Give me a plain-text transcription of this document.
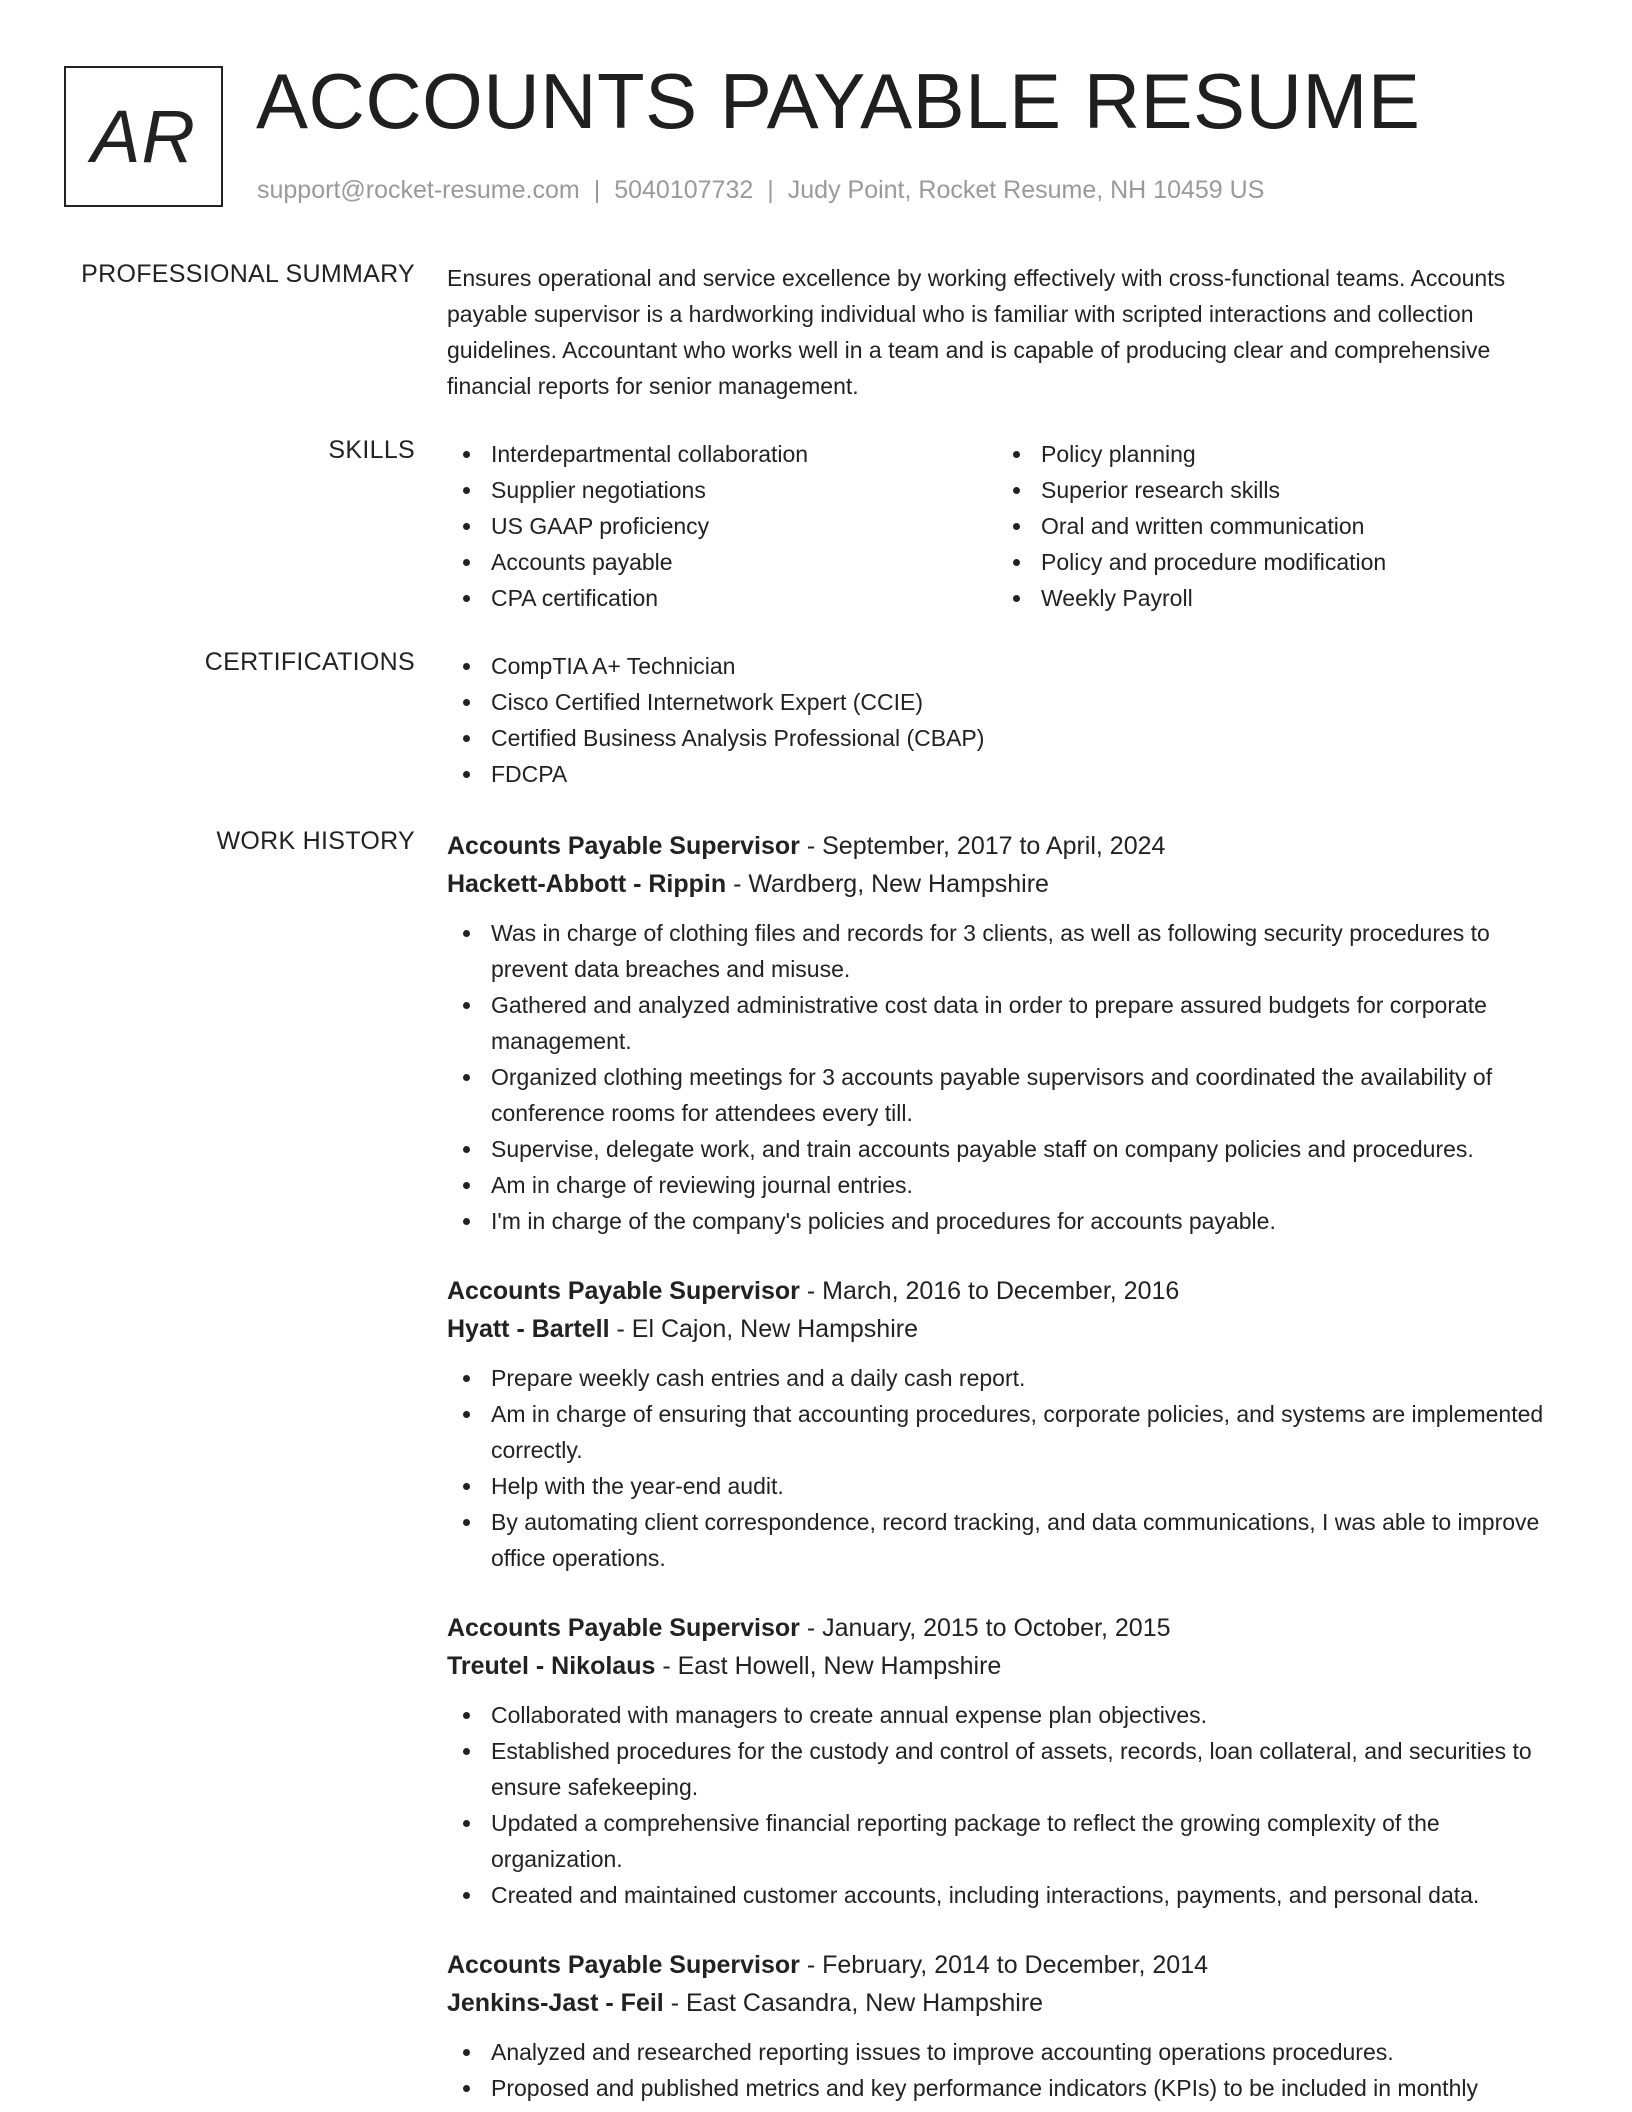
AR ACCOUNTS PAYABLE RESUME
support@rocket-resume.com | 5040107732 | Judy Point, Rocket Resume, NH 10459 US
PROFESSIONAL SUMMARY Ensures operational and service excellence by working effectively with cross-functional teams. Accounts payable supervisor is a hardworking individual who is familiar with scripted interactions and collection guidelines. Accountant who works well in a team and is capable of producing clear and comprehensive financial reports for senior management.

SKILLS	Interdepartmental collaboration
Supplier negotiations
US GAAP proficiency
Accounts payable
CPA certification
Policy planning
Superior research skills
Oral and written communication
Policy and procedure modification
Weekly Payroll
CERTIFICATIONS	CompTIA A+ Technician
Cisco Certified Internetwork Expert (CCIE)
Certified Business Analysis Professional (CBAP)
FDCPA
WORK HISTORY Accounts Payable Supervisor - September, 2017 to April, 2024
Hackett-Abbott - Rippin - Wardberg, New Hampshire
Was in charge of clothing files and records for 3 clients, as well as following security procedures to prevent data breaches and misuse.
Gathered and analyzed administrative cost data in order to prepare assured budgets for corporate management.
Organized clothing meetings for 3 accounts payable supervisors and coordinated the availability of conference rooms for attendees every till.
Supervise, delegate work, and train accounts payable staff on company policies and procedures.
Am in charge of reviewing journal entries.
I'm in charge of the company's policies and procedures for accounts payable.
Accounts Payable Supervisor - March, 2016 to December, 2016
Hyatt - Bartell - El Cajon, New Hampshire
Prepare weekly cash entries and a daily cash report.
Am in charge of ensuring that accounting procedures, corporate policies, and systems are implemented correctly.
Help with the year-end audit.
By automating client correspondence, record tracking, and data communications, I was able to improve office operations.
Accounts Payable Supervisor - January, 2015 to October, 2015
Treutel - Nikolaus - East Howell, New Hampshire
Collaborated with managers to create annual expense plan objectives.
Established procedures for the custody and control of assets, records, loan collateral, and securities to ensure safekeeping.
Updated a comprehensive financial reporting package to reflect the growing complexity of the organization.
Created and maintained customer accounts, including interactions, payments, and personal data.
Accounts Payable Supervisor - February, 2014 to December, 2014
Jenkins-Jast - Feil - East Casandra, New Hampshire
Analyzed and researched reporting issues to improve accounting operations procedures.
Proposed and published metrics and key performance indicators (KPIs) to be included in monthly
